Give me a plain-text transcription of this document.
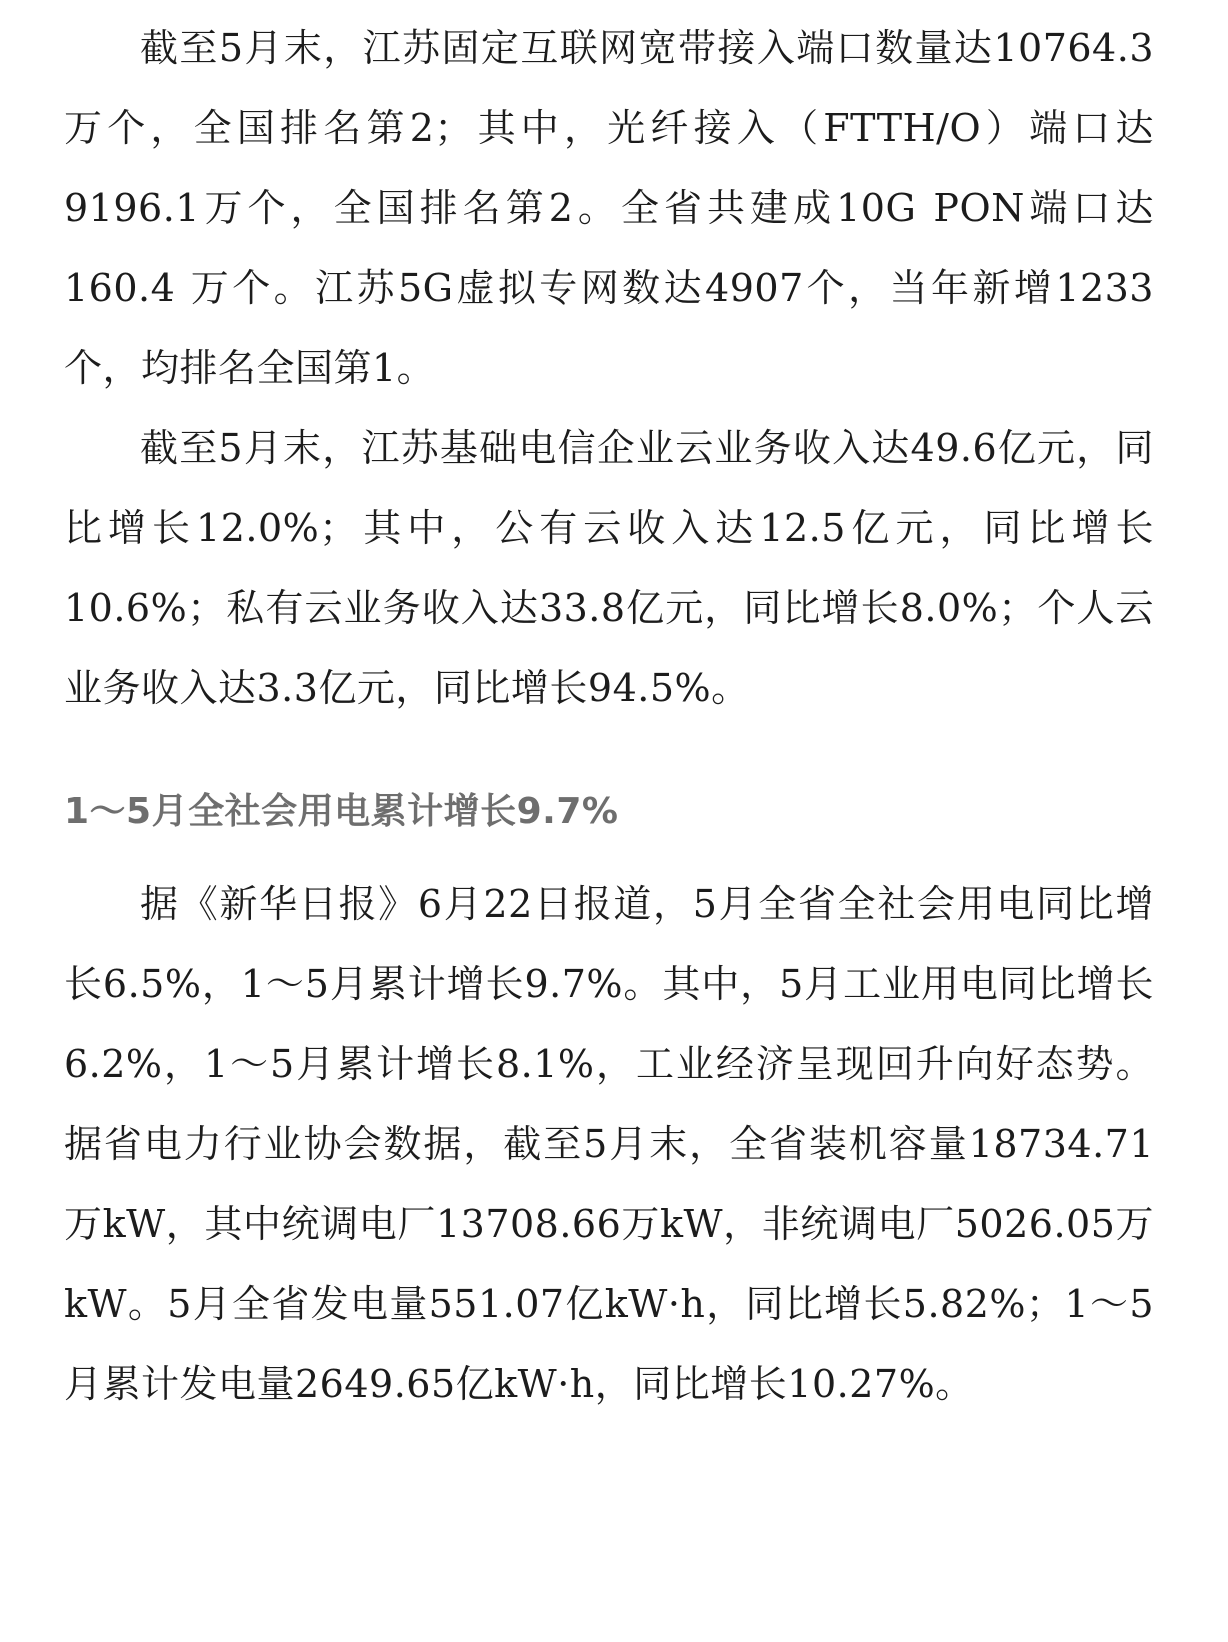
截至5月末，江苏固定互联网宽带接入端口数量达10764.3万个，全国排名第2；其中，光纤接入（FTTH/O）端口达9196.1万个，全国排名第2。全省共建成10G PON端口达160.4 万个。江苏5G虚拟专网数达4907个，当年新增1233个，均排名全国第1。

截至5月末，江苏基础电信企业云业务收入达49.6亿元，同比增长12.0%；其中，公有云收入达12.5亿元，同比增长10.6%；私有云业务收入达33.8亿元，同比增长8.0%；个人云业务收入达3.3亿元，同比增长94.5%。

1～5月全社会用电累计增长9.7%

据《新华日报》6月22日报道，5月全省全社会用电同比增长6.5%，1～5月累计增长9.7%。其中，5月工业用电同比增长6.2%，1～5月累计增长8.1%，工业经济呈现回升向好态势。据省电力行业协会数据，截至5月末，全省装机容量18734.71万kW，其中统调电厂13708.66万kW，非统调电厂5026.05万kW。5月全省发电量551.07亿kW·h，同比增长5.82%；1～5月累计发电量2649.65亿kW·h，同比增长10.27%。
